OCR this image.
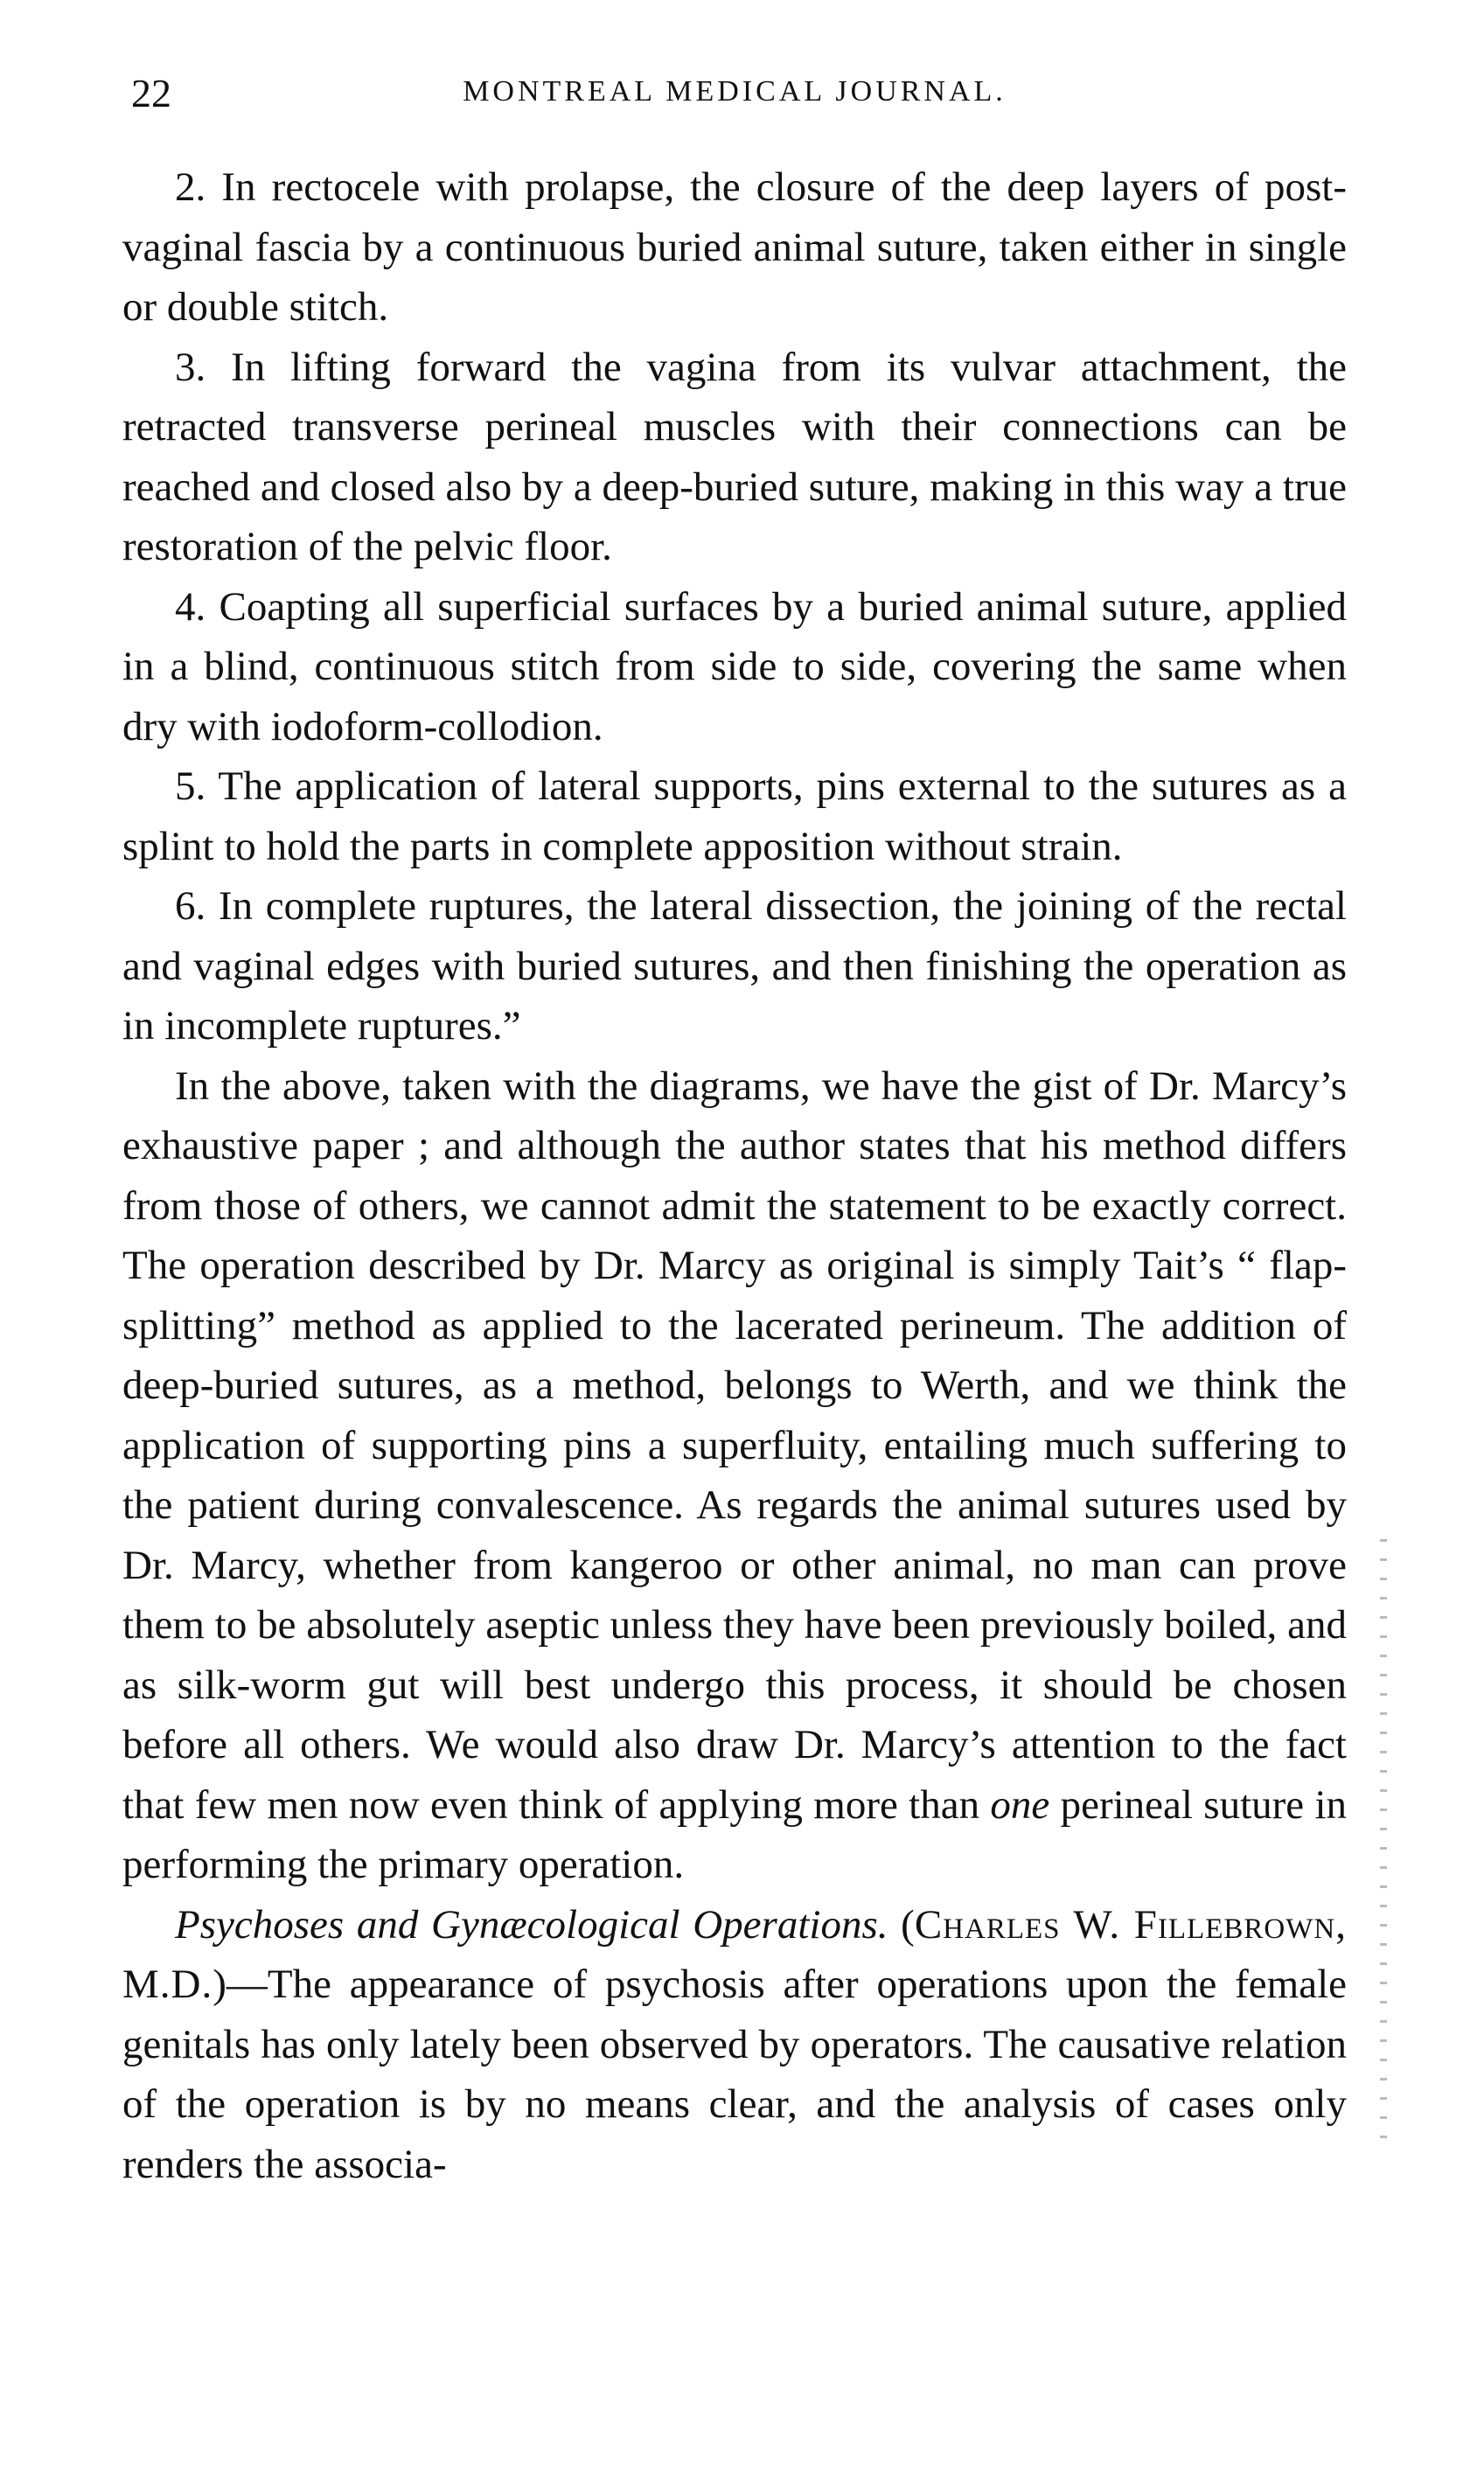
22	MONTREAL MEDICAL JOURNAL.

2. In rectocele with prolapse, the closure of the deep layers of post-vaginal fascia by a continuous buried animal suture, taken either in single or double stitch.

3. In lifting forward the vagina from its vulvar attachment, the retracted transverse perineal muscles with their connections can be reached and closed also by a deep-buried suture, making in this way a true restoration of the pelvic floor.

4. Coapting all superficial surfaces by a buried animal suture, applied in a blind, continuous stitch from side to side, covering the same when dry with iodoform-collodion.

5. The application of lateral supports, pins external to the sutures as a splint to hold the parts in complete apposition without strain.

6. In complete ruptures, the lateral dissection, the joining of the rectal and vaginal edges with buried sutures, and then finishing the operation as in incomplete ruptures.”

In the above, taken with the diagrams, we have the gist of Dr. Marcy’s exhaustive paper ; and although the author states that his method differs from those of others, we cannot admit the statement to be exactly correct. The operation described by Dr. Marcy as original is simply Tait’s “ flap-splitting” method as applied to the lacerated perineum. The addition of deep-buried sutures, as a method, belongs to Werth, and we think the application of supporting pins a superfluity, entailing much suffering to the patient during convalescence. As regards the animal sutures used by Dr. Marcy, whether from kangeroo or other animal, no man can prove them to be absolutely aseptic unless they have been previously boiled, and as silk-worm gut will best undergo this process, it should be chosen before all others. We would also draw Dr. Marcy’s attention to the fact that few men now even think of applying more than one perineal suture in performing the primary operation.

Psychoses and Gynæcological Operations. (Charles W. Fillebrown, M.D.)—The appearance of psychosis after operations upon the female genitals has only lately been observed by operators. The causative relation of the operation is by no means clear, and the analysis of cases only renders the associa-
